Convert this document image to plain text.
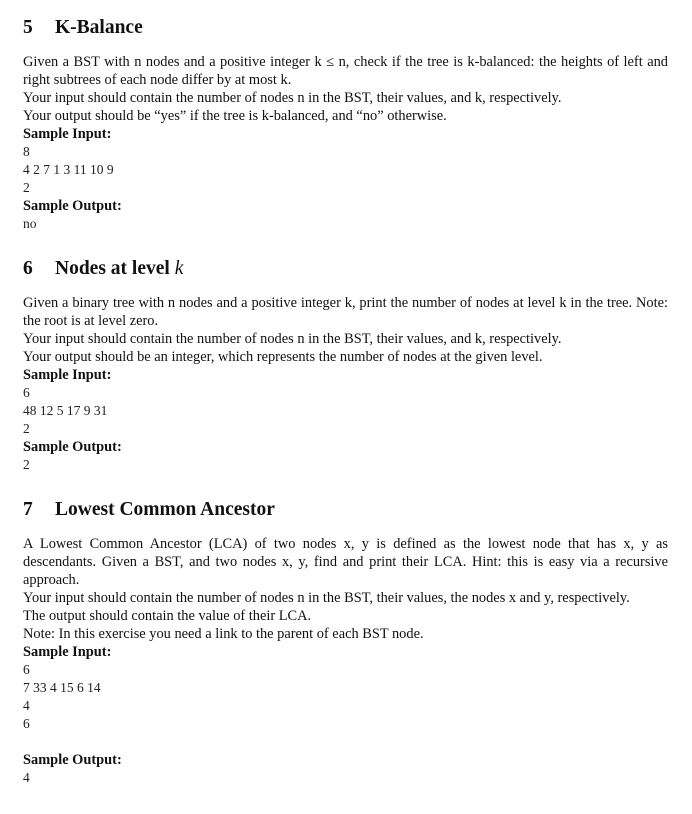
5 K-Balance

Given a BST with n nodes and a positive integer k ≤ n, check if the tree is k-balanced: the heights of left and right subtrees of each node differ by at most k.

Your input should contain the number of nodes n in the BST, their values, and k, respectively.

Your output should be “yes” if the tree is k-balanced, and “no” otherwise.

Sample Input:

8

4 2 7 1 3 11 10 9

2

Sample Output:

no

6 Nodes at level k

Given a binary tree with n nodes and a positive integer k, print the number of nodes at level k in the tree. Note: the root is at level zero.

Your input should contain the number of nodes n in the BST, their values, and k, respectively.

Your output should be an integer, which represents the number of nodes at the given level.

Sample Input:

6

48 12 5 17 9 31

2

Sample Output:

2

7 Lowest Common Ancestor

A Lowest Common Ancestor (LCA) of two nodes x, y is defined as the lowest node that has x, y as descendants. Given a BST, and two nodes x, y, find and print their LCA. Hint: this is easy via a recursive approach.

Your input should contain the number of nodes n in the BST, their values, the nodes x and y, respectively.

The output should contain the value of their LCA.

Note: In this exercise you need a link to the parent of each BST node.

Sample Input:

6

7 33 4 15 6 14

4

6

Sample Output:

4
